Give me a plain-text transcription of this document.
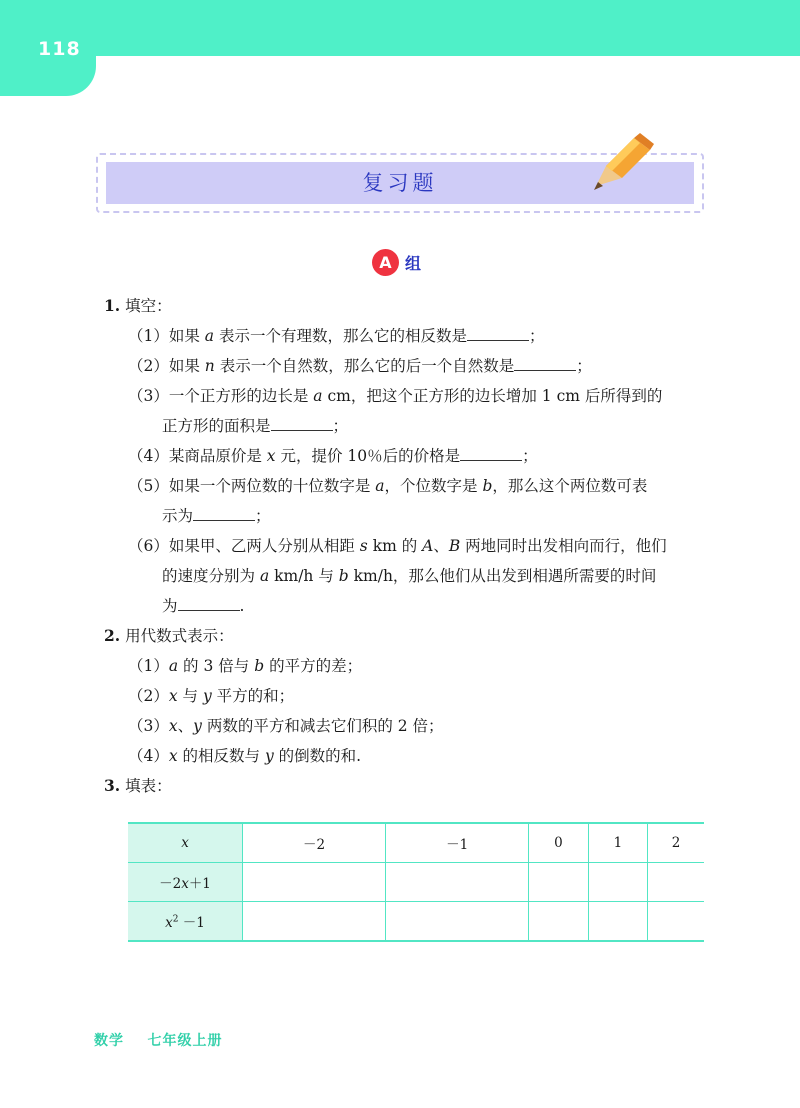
118
复习题
A 组
1. 填空：
（1）如果 a 表示一个有理数，那么它的相反数是	；
（2）如果 n 表示一个自然数，那么它的后一个自然数是	；
（3）一个正方形的边长是 a cm，把这个正方形的边长增加 1 cm 后所得到的
正方形的面积是	；
（4）某商品原价是 x 元，提价 10％后的价格是	；
（5）如果一个两位数的十位数字是 a，个位数字是 b，那么这个两位数可表
示为	；
（6）如果甲、乙两人分别从相距 s km 的 A、B 两地同时出发相向而行，他们
的速度分别为 a km/h 与 b km/h，那么他们从出发到相遇所需要的时间
为	.
2. 用代数式表示：
（1）a 的 3 倍与 b 的平方的差；
（2）x 与 y 平方的和；
（3）x、y 两数的平方和减去它们积的 2 倍；
（4）x 的相反数与 y 的倒数的和.
3. 填表：
x	－2	－1	0	1	2
－2x＋1					
$x^2 -1$					
数学 七年级上册
